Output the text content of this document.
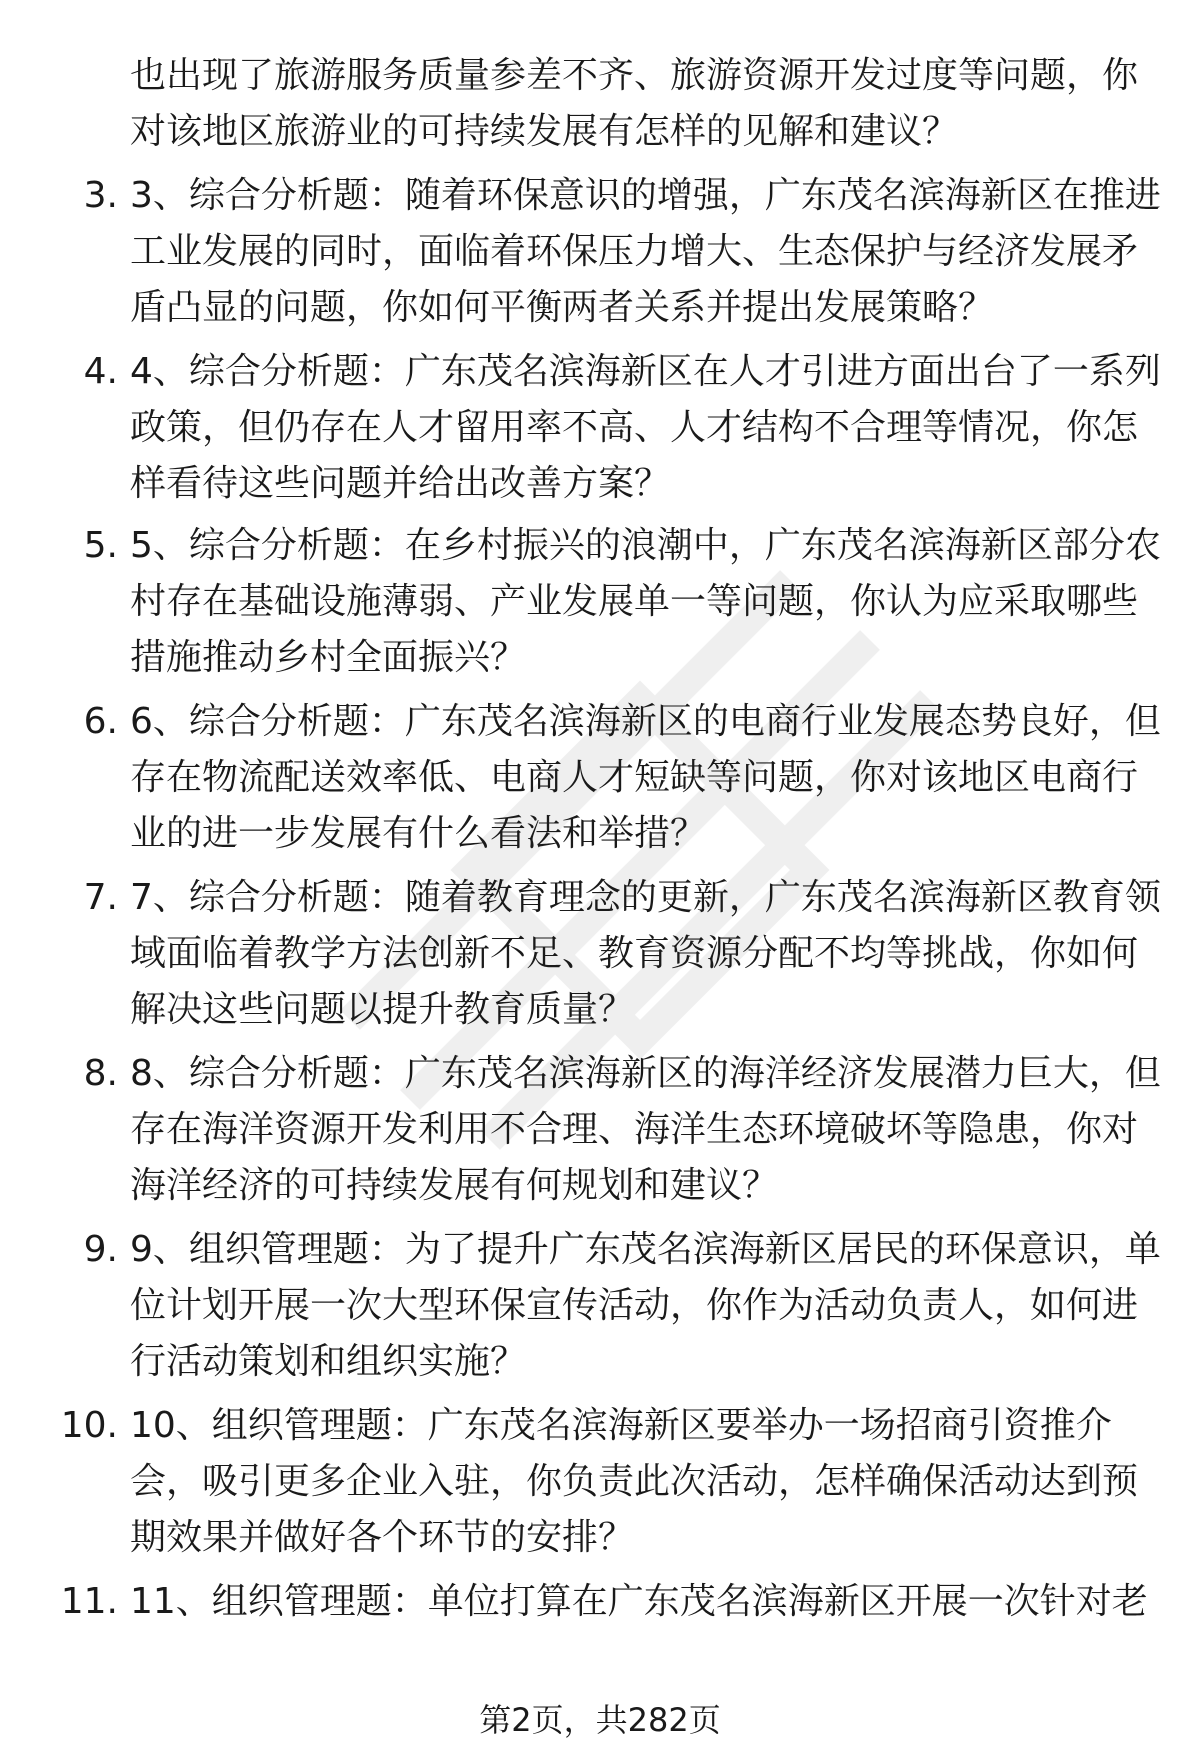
也出现了旅游服务质量参差不齐、旅游资源开发过度等问题，你
对该地区旅游业的可持续发展有怎样的见解和建议？
3. 3、综合分析题：随着环保意识的增强，广东茂名滨海新区在推进
工业发展的同时，面临着环保压力增大、生态保护与经济发展矛
盾凸显的问题，你如何平衡两者关系并提出发展策略？
4. 4、综合分析题：广东茂名滨海新区在人才引进方面出台了一系列
政策，但仍存在人才留用率不高、人才结构不合理等情况，你怎
样看待这些问题并给出改善方案？
5. 5、综合分析题：在乡村振兴的浪潮中，广东茂名滨海新区部分农
村存在基础设施薄弱、产业发展单一等问题，你认为应采取哪些
措施推动乡村全面振兴？
6. 6、综合分析题：广东茂名滨海新区的电商行业发展态势良好，但
存在物流配送效率低、电商人才短缺等问题，你对该地区电商行
业的进一步发展有什么看法和举措？
7. 7、综合分析题：随着教育理念的更新，广东茂名滨海新区教育领
域面临着教学方法创新不足、教育资源分配不均等挑战，你如何
解决这些问题以提升教育质量？
8. 8、综合分析题：广东茂名滨海新区的海洋经济发展潜力巨大，但
存在海洋资源开发利用不合理、海洋生态环境破坏等隐患，你对
海洋经济的可持续发展有何规划和建议？
9. 9、组织管理题：为了提升广东茂名滨海新区居民的环保意识，单
位计划开展一次大型环保宣传活动，你作为活动负责人，如何进
行活动策划和组织实施？
10. 10、组织管理题：广东茂名滨海新区要举办一场招商引资推介
会，吸引更多企业入驻，你负责此次活动，怎样确保活动达到预
期效果并做好各个环节的安排？
11. 11、组织管理题：单位打算在广东茂名滨海新区开展一次针对老
第2页，共282页
